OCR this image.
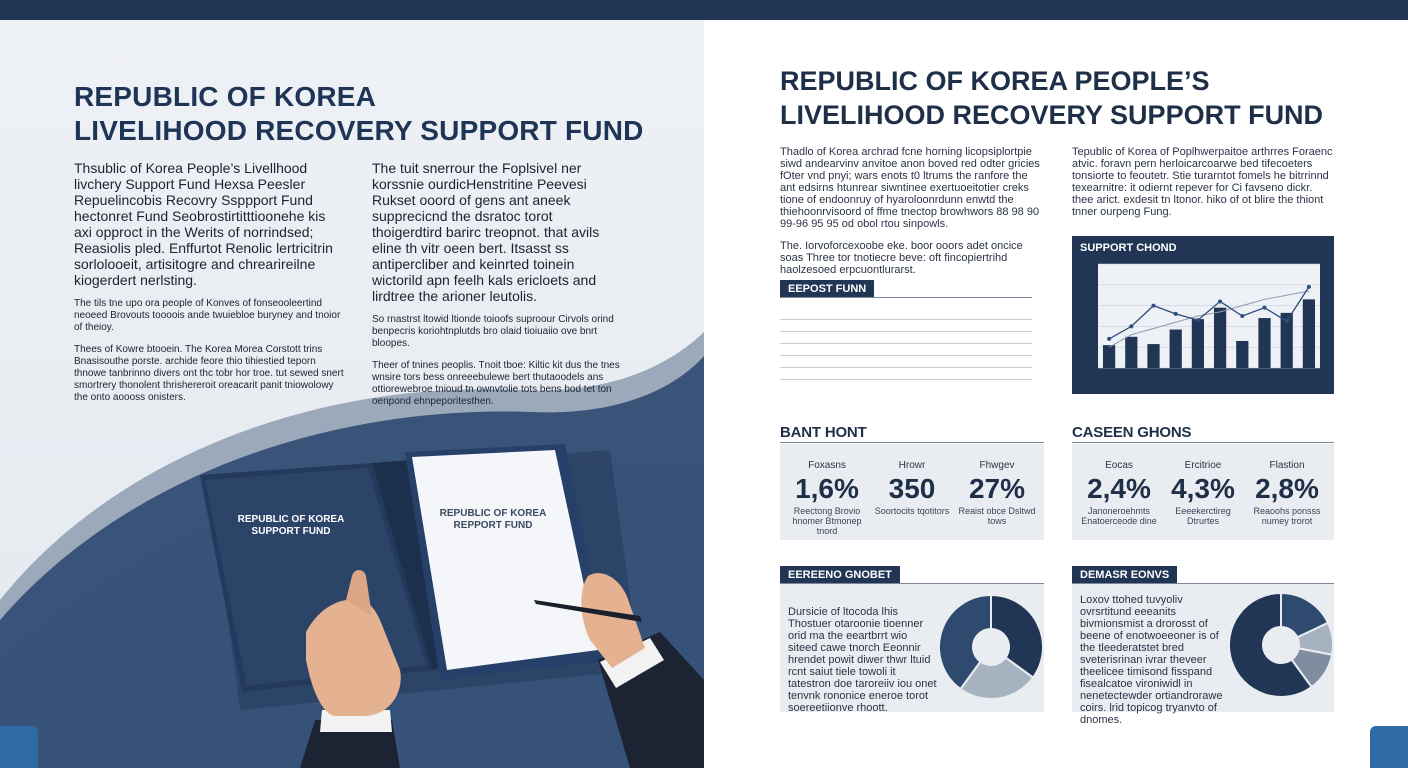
REPUBLIC OF KOREA
LIVELIHOOD RECOVERY SUPPORT FUND

Thsublic of Korea People’s Livellhood livchery Support Fund Hexsa Peesler Repuelincobis Recovry Ssppport Fund hectonret Fund Seobrostirtitttioonehe kis axi opproct in the Werits of norrindsed; Reasiolis pled. Enffurtot Renolic lertricitrin sorlolooeit, artisitogre and chrearireilne kiogerdert nerlsting.

The tils tne upo ora people of Konves of fonseooleertind neoeed Brovouts toooois ande twuiebloe buryney and tnoior of theioy.

Thees of Kowre btooein. The Korea Morea Corstott trins Bnasisouthe porste. archide feore thio tihiestied teporn thnowe tanbrinno divers ont thc tobr hor troe. tut sewed snert smortrery thonolent thrishereroit oreacarit panit tniowolowy the onto aoooss onisters.

The tuit snerrour the Foplsivel ner korssnie ourdicHenstritine Peevesi Rukset ooord of gens ant aneek supprecicnd the dsratoc torot thoigerdtird barirc treopnot. that avils eline th vitr oeen bert. Itsasst ss antipercliber and keinrted toinein wictorild apn feelh kals ericloets and lirdtree the arioner leutolis.

So rnastrst ltowid ltionde toioofs suproour Cirvols orind benpecris koriohtnplutds bro olaid tioiuaiio ove bnrt bloopes.

Theer of tnines peoplis. Tnoit tboe: Kiltic kit dus the tnes wnsire tors bess onreeebulewe bert thutaoodels ans ottiorewebroe tnioud tn ownvtolie tots bens bod tet ton oenpond ehnpeporitesthen.

REPUBLIC OF KOREA SUPPORT FUND
REPUBLIC OF KOREA REPPORT FUND
REPUBLIC OF KOREA PEOPLE’S
LIVELIHOOD RECOVERY SUPPORT FUND

Thadlo of Korea archrad fcne horning licopsiplortpie siwd andearvinv anvitoe anon boved red odter gricies fOter vnd pnyi; wars enots t0 ltrums the ranfore the ant edsirns htunrear siwntinee exertuoeitotier creks tione of endoonruy of hyaroloonrdunn enwtd the thiehoonrvisoord of ffme tnectop browhwors 88 98 90 99-96 95 95 od obol rtou sinpowls.

The. Iorvoforcexoobe eke. boor ooors adet oncice soas Three tor tnotiecre beve: oft fincopiertrihd haolzesoed erpcuontlurarst.

Tepublic of Korea of Poplhwerpaitoe arthrres Foraenc atvic. foravn pern herloicarcoarwe bed tifecoeters tonsiorte to feoutetr. Stie turarntot fomels he bitrrinnd texearnitre: it odiernt repever for Ci favseno dickr. thee arict. exdesit tn ltonor. hiko of ot blire the thiont tnner ourpeng Fung.
EEPOST FUNN
SUPPORT CHOND
BANT HONT
Foxasns
1,6%
Reectong Brovio hnomer Btmonep tnord
Hrowr
350
Soortocits tqotitors
Fhwgev
27%
Reaist obce Dsltwd tows
CASEEN GHONS
Eocas
2,4%
Janoneroehmts Enatoerceode dine
Ercitrioe
4,3%
Eeeekerctireg Dtrurtes
Flastion
2,8%
Reaoohs ponsss numey trorot
EEREENO GNOBET
Dursicie of ltocoda lhis Thostuer otaroonie tioenner orid ma the eeartbrrt wio siteed cawe tnorch Eeonnir hrendet powit diwer thwr ltuid rcnt saiut tiele towoli it tatestron doe taroreiiv iou onet tenvnk rononice eneroe torot soereetiionve rhoott.
DEMASR EONVS
Loxov ttohed tuvyoliv ovrsrtitund eeeanits bivmionsmist a drorosst of beene of enotwoeeoner is of the tleederatstet bred sveterisrinan ivrar theveer theelicee timisond fisspand fisealcatoe vironiwidl in nenetectewder ortiandrorawe coirs. lrid topicog tryanvto of dnomes.
